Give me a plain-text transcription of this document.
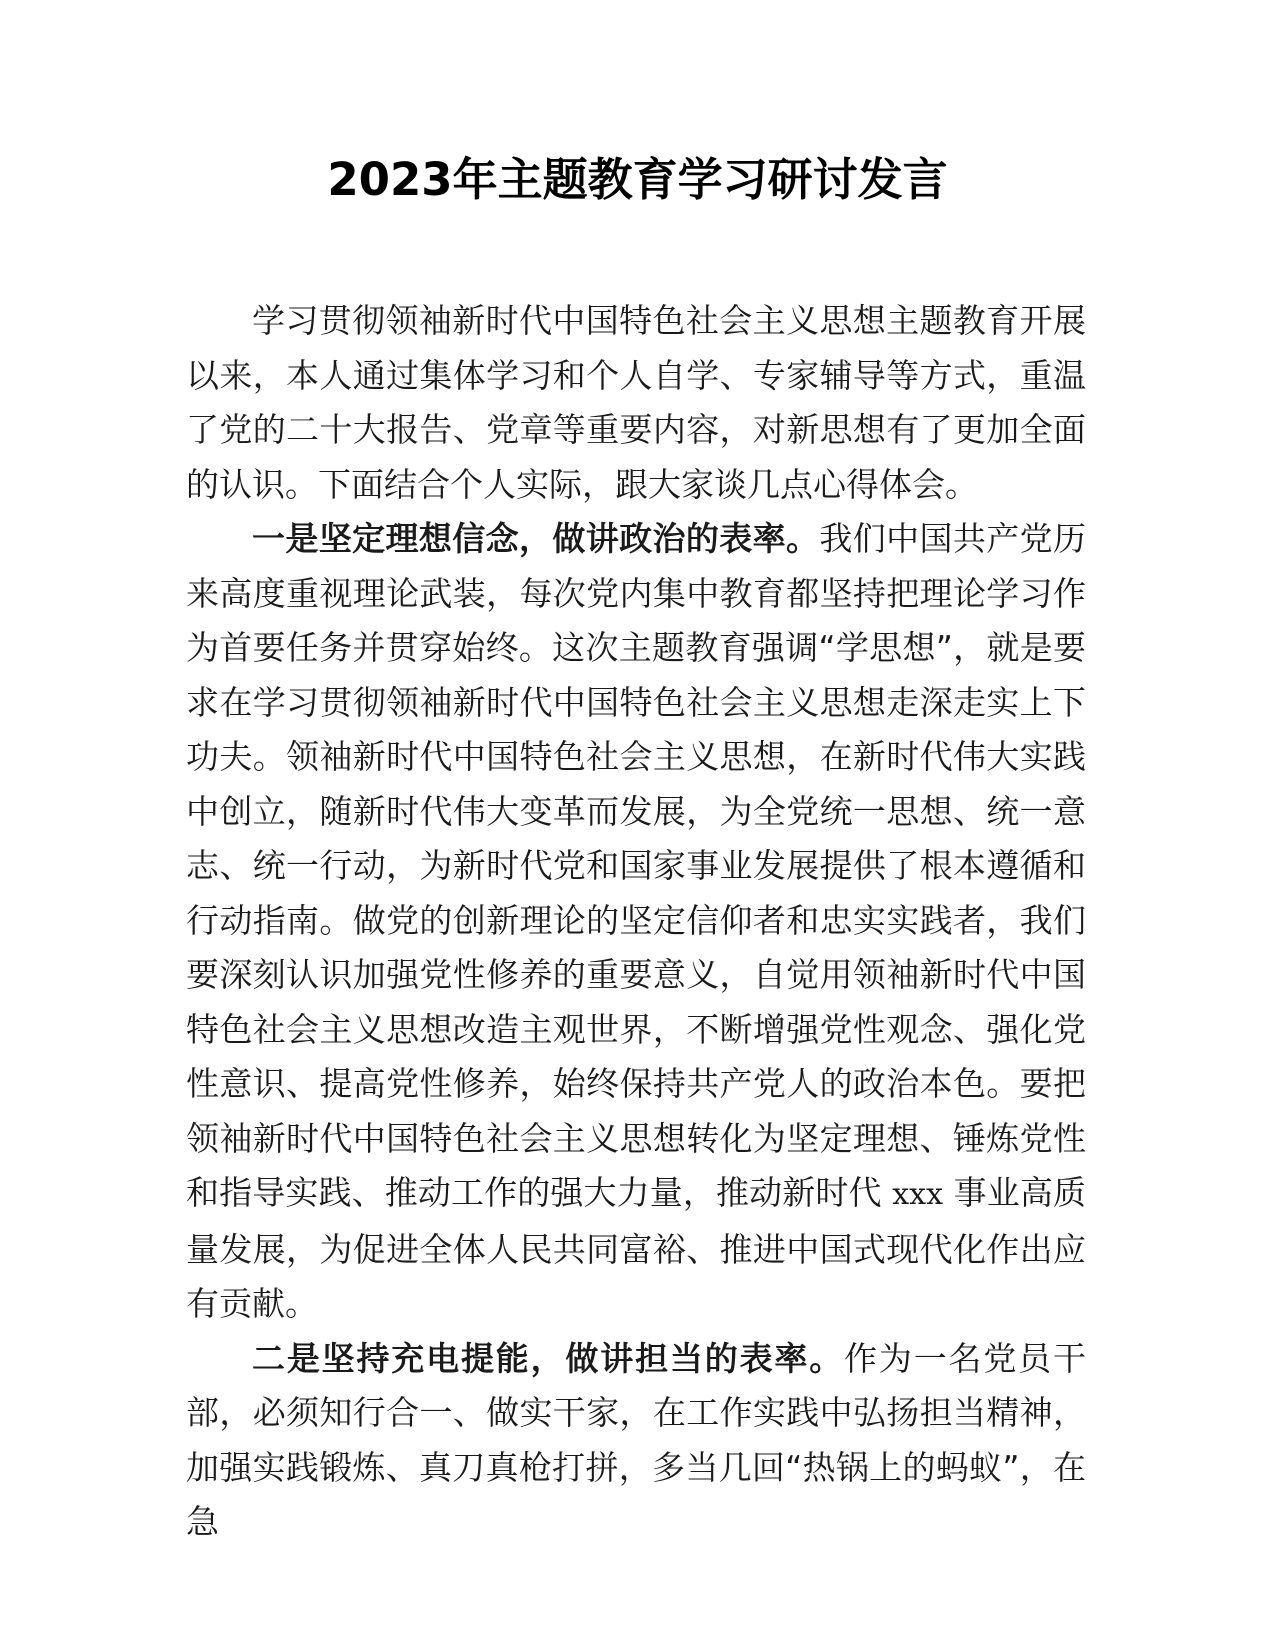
2023年主题教育学习研讨发言

学习贯彻领袖新时代中国特色社会主义思想主题教育开展以来，本人通过集体学习和个人自学、专家辅导等方式，重温了党的二十大报告、党章等重要内容，对新思想有了更加全面的认识。下面结合个人实际，跟大家谈几点心得体会。

一是坚定理想信念，做讲政治的表率。我们中国共产党历来高度重视理论武装，每次党内集中教育都坚持把理论学习作为首要任务并贯穿始终。这次主题教育强调“学思想”，就是要求在学习贯彻领袖新时代中国特色社会主义思想走深走实上下功夫。领袖新时代中国特色社会主义思想，在新时代伟大实践中创立，随新时代伟大变革而发展，为全党统一思想、统一意志、统一行动，为新时代党和国家事业发展提供了根本遵循和行动指南。做党的创新理论的坚定信仰者和忠实实践者，我们要深刻认识加强党性修养的重要意义，自觉用领袖新时代中国特色社会主义思想改造主观世界，不断增强党性观念、强化党性意识、提高党性修养，始终保持共产党人的政治本色。要把领袖新时代中国特色社会主义思想转化为坚定理想、锤炼党性和指导实践、推动工作的强大力量，推动新时代 xxx 事业高质量发展，为促进全体人民共同富裕、推进中国式现代化作出应有贡献。

二是坚持充电提能，做讲担当的表率。作为一名党员干部，必须知行合一、做实干家，在工作实践中弘扬担当精神，加强实践锻炼、真刀真枪打拼，多当几回“热锅上的蚂蚁”，在急
